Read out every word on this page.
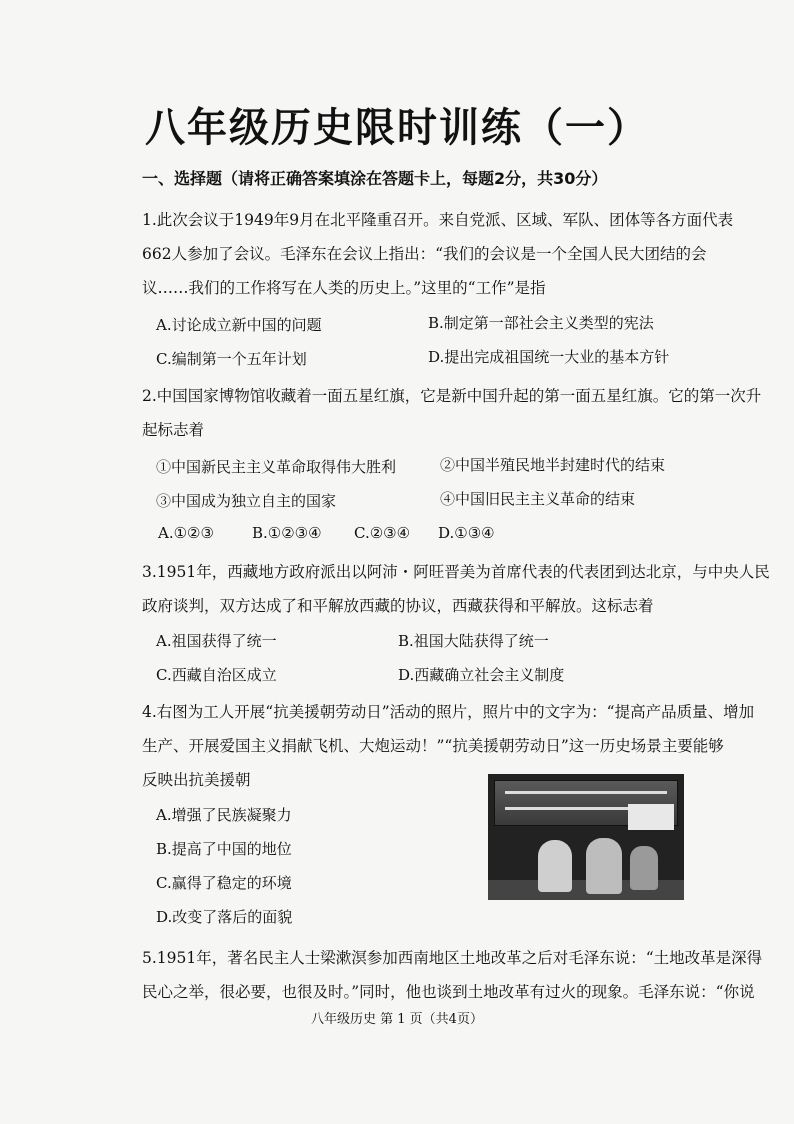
八年级历史限时训练（一）
一、选择题（请将正确答案填涂在答题卡上，每题2分，共30分）
1.此次会议于1949年9月在北平隆重召开。来自党派、区域、军队、团体等各方面代表
662人参加了会议。毛泽东在会议上指出：“我们的会议是一个全国人民大团结的会
议……我们的工作将写在人类的历史上。”这里的“工作”是指
A.讨论成立新中国的问题	B.制定第一部社会主义类型的宪法
C.编制第一个五年计划	D.提出完成祖国统一大业的基本方针
2.中国国家博物馆收藏着一面五星红旗，它是新中国升起的第一面五星红旗。它的第一次升
起标志着
①中国新民主主义革命取得伟大胜利	②中国半殖民地半封建时代的结束
③中国成为独立自主的国家	④中国旧民主主义革命的结束
A.①②③	B.①②③④ C.②③④ D.①③④
3.1951年，西藏地方政府派出以阿沛・阿旺晋美为首席代表的代表团到达北京，与中央人民
政府谈判，双方达成了和平解放西藏的协议，西藏获得和平解放。这标志着
A.祖国获得了统一	B.祖国大陆获得了统一
C.西藏自治区成立	D.西藏确立社会主义制度
4.右图为工人开展“抗美援朝劳动日”活动的照片，照片中的文字为：“提高产品质量、增加
生产、开展爱国主义捐献飞机、大炮运动！”“抗美援朝劳动日”这一历史场景主要能够
反映出抗美援朝
A.增强了民族凝聚力
B.提高了中国的地位
C.赢得了稳定的环境
D.改变了落后的面貌
5.1951年，著名民主人士梁漱溟参加西南地区土地改革之后对毛泽东说：“土地改革是深得
民心之举，很必要，也很及时。”同时，他也谈到土地改革有过火的现象。毛泽东说：“你说
八年级历史 第 1 页（共4页）
